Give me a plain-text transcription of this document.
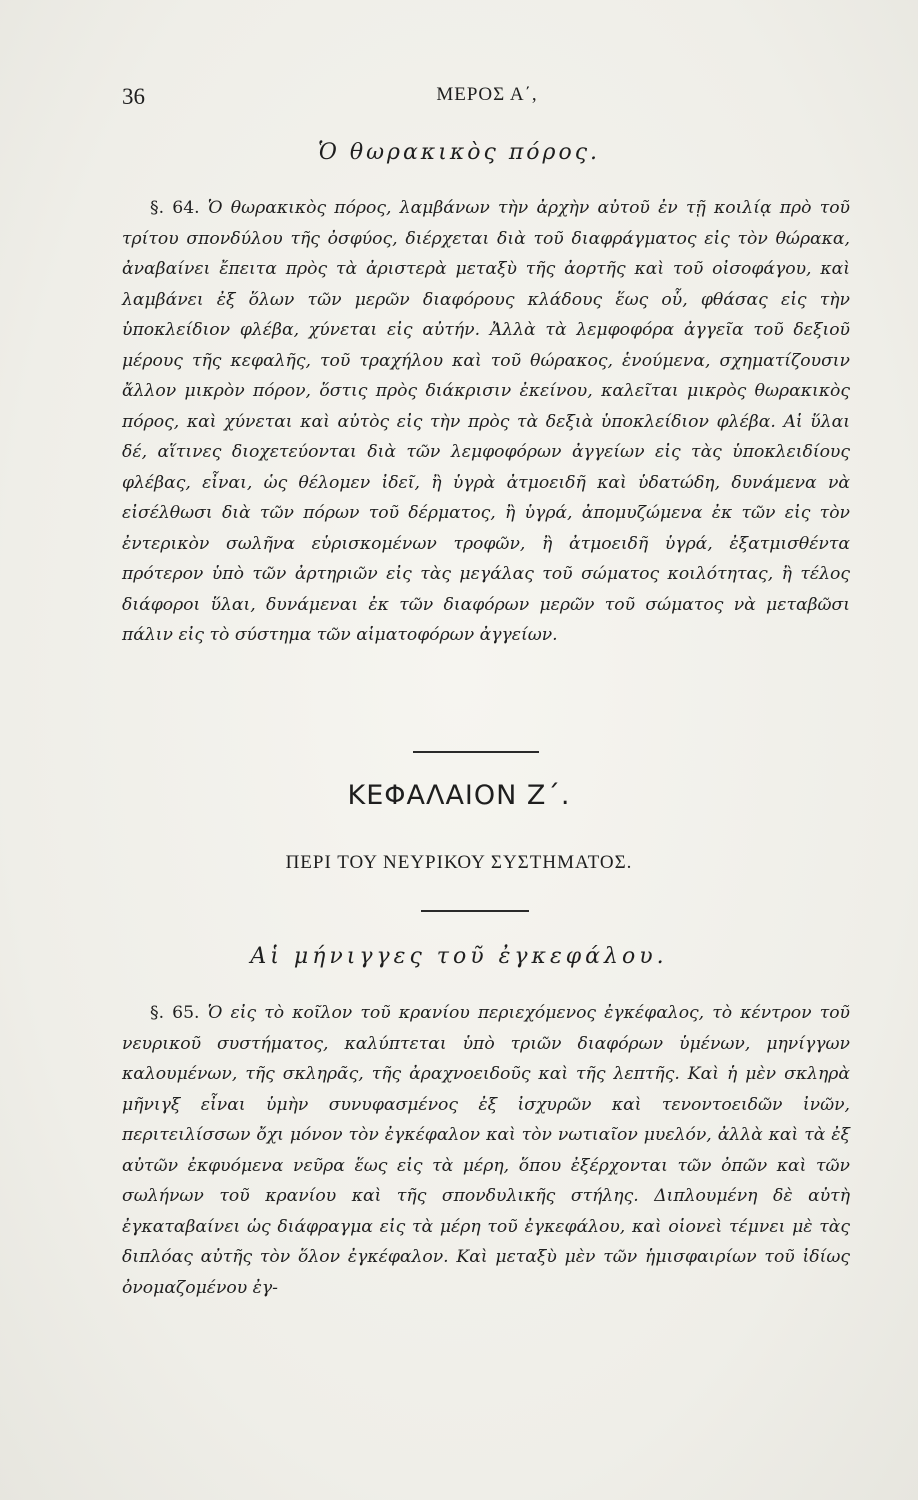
36	ΜΕΡΟΣ Α΄,
Ὁ θωρακικὸς πόρος.

§. 64. Ὁ θωρακικὸς πόρος, λαμβάνων τὴν ἀρχὴν αὐτοῦ ἐν τῇ κοιλίᾳ πρὸ τοῦ τρίτου σπονδύλου τῆς ὀσφύος, διέρχεται διὰ τοῦ διαφράγματος εἰς τὸν θώρακα, ἀναβαίνει ἔπειτα πρὸς τὰ ἀριστερὰ μεταξὺ τῆς ἀορτῆς καὶ τοῦ οἰσοφάγου, καὶ λαμβάνει ἐξ ὅλων τῶν μερῶν διαφόρους κλάδους ἕως οὗ, φθάσας εἰς τὴν ὑποκλείδιον φλέβα, χύνεται εἰς αὐτήν. Ἀλλὰ τὰ λεμφοφόρα ἀγγεῖα τοῦ δεξιοῦ μέρους τῆς κεφαλῆς, τοῦ τραχήλου καὶ τοῦ θώρακος, ἑνούμενα, σχηματίζουσιν ἄλλον μικρὸν πόρον, ὅστις πρὸς διάκρισιν ἐκείνου, καλεῖται μικρὸς θωρακικὸς πόρος, καὶ χύνεται καὶ αὐτὸς εἰς τὴν πρὸς τὰ δεξιὰ ὑποκλείδιον φλέβα. Αἱ ὕλαι δέ, αἵτινες διοχετεύονται διὰ τῶν λεμφοφόρων ἀγγείων εἰς τὰς ὑποκλειδίους φλέβας, εἶναι, ὡς θέλομεν ἰδεῖ, ἢ ὑγρὰ ἀτμοειδῆ καὶ ὑδατώδη, δυνάμενα νὰ εἰσέλθωσι διὰ τῶν πόρων τοῦ δέρματος, ἢ ὑγρά, ἀπομυζώμενα ἐκ τῶν εἰς τὸν ἐντερικὸν σωλῆνα εὑρισκομένων τροφῶν, ἢ ἀτμοειδῆ ὑγρά, ἐξατμισθέντα πρότερον ὑπὸ τῶν ἀρτηριῶν εἰς τὰς μεγάλας τοῦ σώματος κοιλότητας, ἢ τέλος διάφοροι ὕλαι, δυνάμεναι ἐκ τῶν διαφόρων μερῶν τοῦ σώματος νὰ μεταβῶσι πάλιν εἰς τὸ σύστημα τῶν αἱματοφόρων ἀγγείων.

ΚΕΦΑΛΑΙΟΝ Ζ΄.
ΠΕΡΙ ΤΟΥ ΝΕΥΡΙΚΟΥ ΣΥΣΤΗΜΑΤΟΣ.
Αἱ μήνιγγες τοῦ ἐγκεφάλου.

§. 65. Ὁ εἰς τὸ κοῖλον τοῦ κρανίου περιεχόμενος ἐγκέφαλος, τὸ κέντρον τοῦ νευρικοῦ συστήματος, καλύπτεται ὑπὸ τριῶν διαφόρων ὑμένων, μηνίγγων καλουμένων, τῆς σκληρᾶς, τῆς ἀραχνοειδοῦς καὶ τῆς λεπτῆς. Καὶ ἡ μὲν σκληρὰ μῆνιγξ εἶναι ὑμὴν συνυφασμένος ἐξ ἰσχυρῶν καὶ τενοντοειδῶν ἰνῶν, περιτειλίσσων ὄχι μόνον τὸν ἐγκέφαλον καὶ τὸν νωτιαῖον μυελόν, ἀλλὰ καὶ τὰ ἐξ αὐτῶν ἐκφυόμενα νεῦρα ἕως εἰς τὰ μέρη, ὅπου ἐξέρχονται τῶν ὀπῶν καὶ τῶν σωλήνων τοῦ κρανίου καὶ τῆς σπονδυλικῆς στήλης. Διπλουμένη δὲ αὐτὴ ἐγκαταβαίνει ὡς διάφραγμα εἰς τὰ μέρη τοῦ ἐγκεφάλου, καὶ οἱονεὶ τέμνει μὲ τὰς διπλόας αὐτῆς τὸν ὅλον ἐγκέφαλον. Καὶ μεταξὺ μὲν τῶν ἡμισφαιρίων τοῦ ἰδίως ὀνομαζομένου ἐγ-
